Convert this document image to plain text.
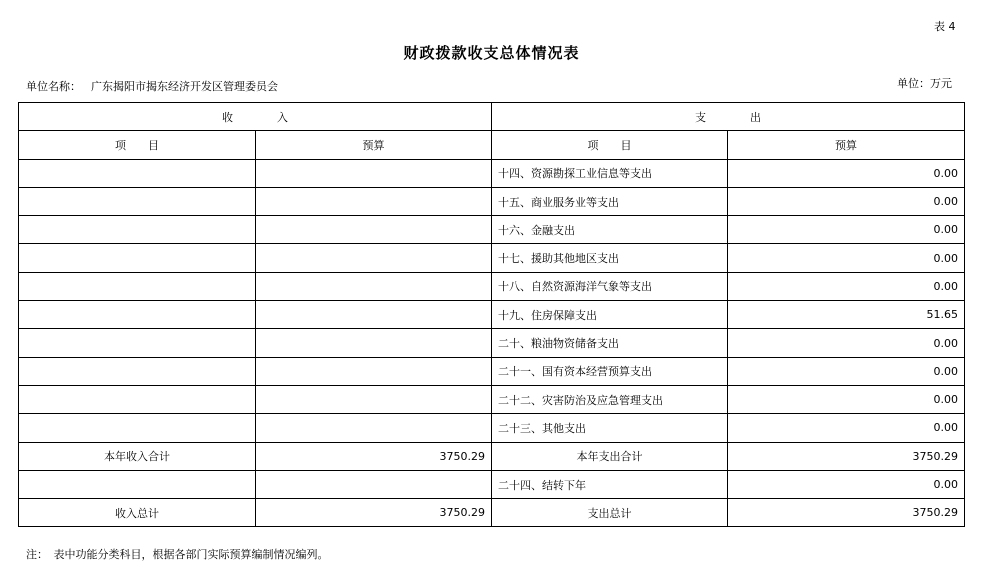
表 4
财政拨款收支总体情况表
单位名称： 广东揭阳市揭东经济开发区管理委员会	单位：万元
收　　　　入		支　　　　出	
项　　目	预算	项　　目	预算
		十四、资源勘探工业信息等支出	0.00
		十五、商业服务业等支出	0.00
		十六、金融支出	0.00
		十七、援助其他地区支出	0.00
		十八、自然资源海洋气象等支出	0.00
		十九、住房保障支出	51.65
		二十、粮油物资储备支出	0.00
		二十一、国有资本经营预算支出	0.00
		二十二、灾害防治及应急管理支出	0.00
		二十三、其他支出	0.00
本年收入合计	3750.29	本年支出合计	3750.29
		二十四、结转下年	0.00
收入总计	3750.29	支出总计	3750.29
注：　表中功能分类科目，根据各部门实际预算编制情况编列。
